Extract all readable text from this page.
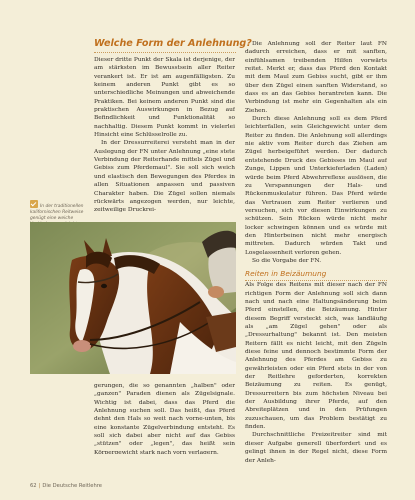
Welche Form der Anlehnung?

Dieser dritte Punkt der Skala ist derjenige, der am stärksten im Bewusstsein aller Reiter verankert ist. Er ist am augenfälligsten. Zu keinem anderen Punkt gibt es so unterschiedliche Meinungen und abweichende Praktiken. Bei keinem anderen Punkt sind die praktischen Auswirkungen in Bezug auf Befindlichkeit und Funktionalität so nachhaltig. Diesem Punkt kommt in vielerlei Hinsicht eine Schlüsselrolle zu.

In der Dressurreiterei versteht man in der Auslegung der FN unter Anlehnung „eine stete Verbindung der Reiterhande mittels Zügel und Gebiss zum Pferdemaul". Sie soll sich weich und elastisch den Bewegungen des Pferdes in allen Situationen anpassen und passiven Charakter haben. Die Zügel sollen niemals rückwärts angezogen werden, nur leichte, zeitweilige Druckrei-

In der traditionellen kalifornischen Reitweise genügt eine weiche

gerungen, die so genannten „halben" oder „ganzen" Paraden dienen als Zügelsignale. Wichtig ist dabei, dass das Pferd die Anlehnung suchen soll. Das heißt, das Pferd dehnt den Hals so weit nach vorne-unten, bis eine konstante Zügelverbindung entsteht. Es soll sich dabei aber nicht auf das Gebiss „stützen" oder „legen", das heißt sein Körpergewicht stark nach vorn verlagern.

Die Anlehnung soll der Reiter laut FN dadurch erreichen, dass er mit sanften, einfühlsamen treibenden Hilfen vorwärts reitet. Merkt er, dass das Pferd den Kontakt mit dem Maul zum Gebiss sucht, gibt er ihm über den Zügel einen sanften Widerstand, so dass es an das Gebiss herantreten kann. Die Verbindung ist mehr ein Gegenhalten als ein Ziehen.

Durch diese Anlehnung soll es dem Pferd leichterfallen, sein Gleichgewicht unter dem Reiter zu finden. Die Anlehnung soll allerdings nie aktiv vom Reiter durch das Ziehen am Zügel herbeigeführt werden. Der dadurch entstehende Druck des Gebisses im Maul auf Zunge, Lippen und Unterkieferladen (Laden) würde beim Pferd Abwehrreflexe auslösen, die zu Verspannungen der Hals- und Rückenmuskulatur führen. Das Pferd würde das Vertrauen zum Reiter verlieren und versuchen, sich vor diesen Einwirkungen zu schützen. Sein Rücken würde nicht mehr locker schwingen können und es würde mit den Hinterbeinen nicht mehr energisch mittreten. Dadurch würden Takt und Losgelassenheit verloren gehen.

So die Vorgabe der FN.

Reiten in Beizäumung

Als Folge des Reitens mit dieser nach der FN richtigen Form der Anlehnung soll sich dann nach und nach eine Haltungsänderung beim Pferd einstellen, die Beizäumung. Hinter diesem Begriff versteckt sich, was landläufig als „am Zügel gehen" oder als „Dressurhaltung" bekannt ist. Den meisten Reitern fällt es nicht leicht, mit den Zügeln diese feine und dennoch bestimmte Form der Anlehnung des Pferdes am Gebiss zu gewährleisten oder ein Pferd stets in der von der Reitlehre geforderten, korrekten Beizäumung zu reiten. Es genügt, Dressurreitern bis zum höchsten Niveau bei der Ausbildung ihrer Pferde, auf den Abreiteplätzen und in den Prüfungen zuzuschauen, um das Problem bestätigt zu finden.

Durchschnittliche Freizeitreiter sind mit dieser Aufgabe generell überfordert und es gelingt ihnen in der Regel nicht, diese Form der Anleh-

62 | Die Deutsche Reitlehre
